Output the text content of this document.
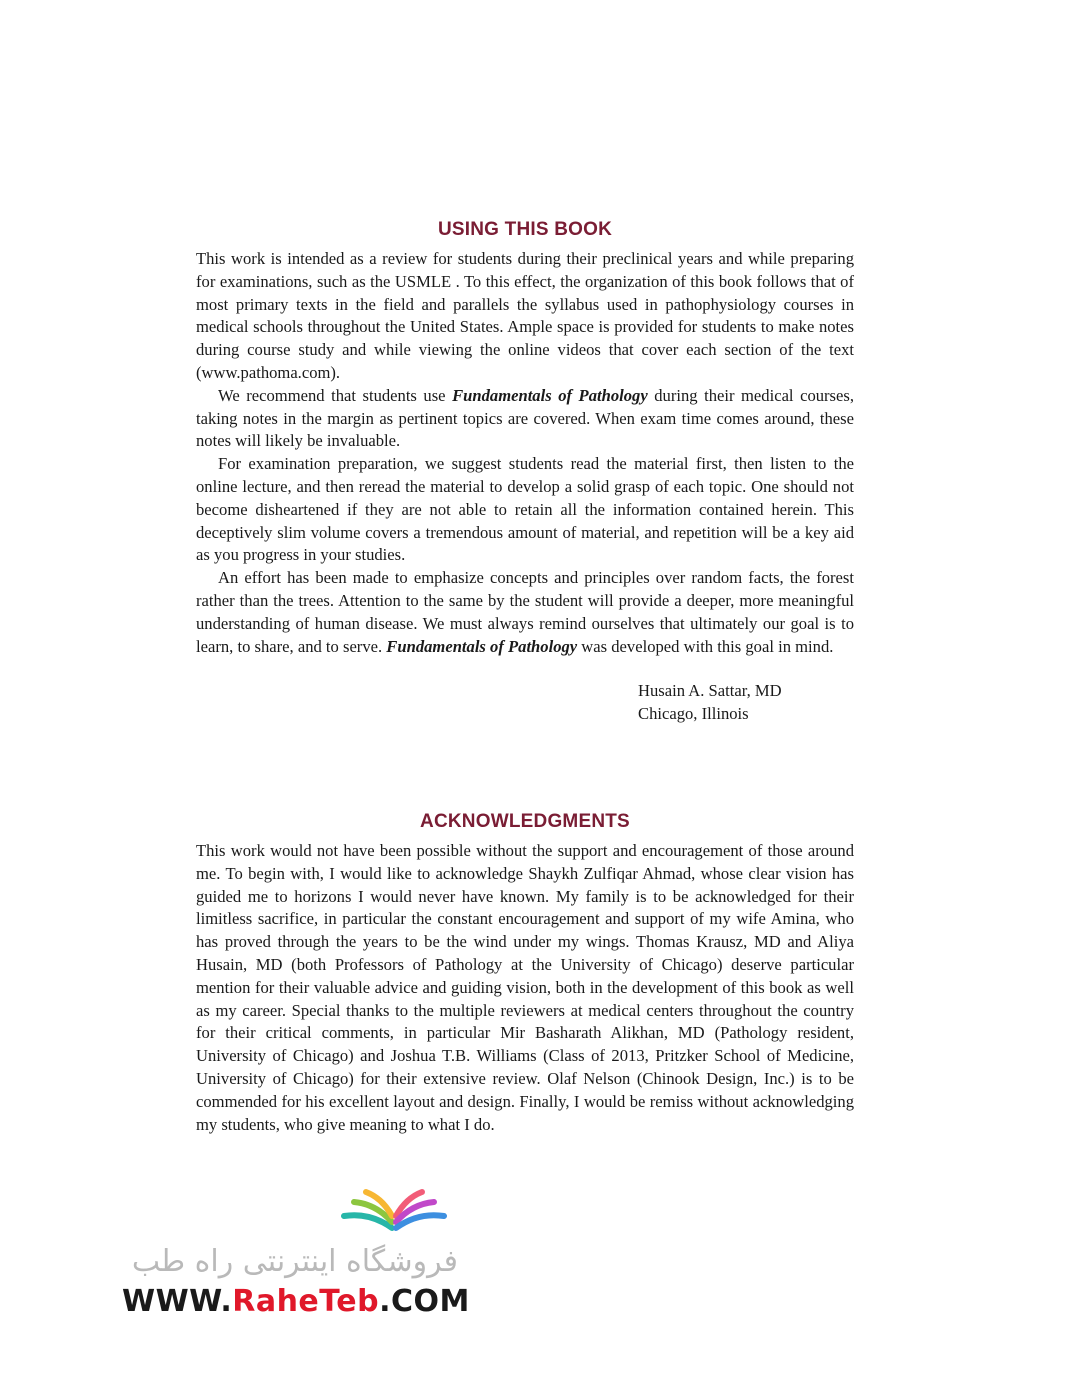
USING THIS BOOK

This work is intended as a review for students during their preclinical years and while preparing for examinations, such as the USMLE . To this effect, the organization of this book follows that of most primary texts in the field and parallels the syllabus used in pathophysiology courses in medical schools throughout the United States. Ample space is provided for students to make notes during course study and while viewing the online videos that cover each section of the text (www.pathoma.com).

We recommend that students use Fundamentals of Pathology during their medical courses, taking notes in the margin as pertinent topics are covered. When exam time comes around, these notes will likely be invaluable.

For examination preparation, we suggest students read the material first, then listen to the online lecture, and then reread the material to develop a solid grasp of each topic. One should not become disheartened if they are not able to retain all the information contained herein. This deceptively slim volume covers a tremendous amount of material, and repetition will be a key aid as you progress in your studies.

An effort has been made to emphasize concepts and principles over random facts, the forest rather than the trees. Attention to the same by the student will provide a deeper, more meaningful understanding of human disease. We must always remind ourselves that ultimately our goal is to learn, to share, and to serve. Fundamentals of Pathology was developed with this goal in mind.

Husain A. Sattar, MD
Chicago, Illinois
ACKNOWLEDGMENTS

This work would not have been possible without the support and encouragement of those around me. To begin with, I would like to acknowledge Shaykh Zulfiqar Ahmad, whose clear vision has guided me to horizons I would never have known. My family is to be acknowledged for their limitless sacrifice, in particular the constant encouragement and support of my wife Amina, who has proved through the years to be the wind under my wings. Thomas Krausz, MD and Aliya Husain, MD (both Professors of Pathology at the University of Chicago) deserve particular mention for their valuable advice and guiding vision, both in the development of this book as well as my career. Special thanks to the multiple reviewers at medical centers throughout the country for their critical comments, in particular Mir Basharath Alikhan, MD (Pathology resident, University of Chicago) and Joshua T.B. Williams (Class of 2013, Pritzker School of Medicine, University of Chicago) for their extensive review. Olaf Nelson (Chinook Design, Inc.) is to be commended for his excellent layout and design. Finally, I would be remiss without acknowledging my students, who give meaning to what I do.

فروشگاه اینترنتی راه طب
WWW.RaheTeb.COM
